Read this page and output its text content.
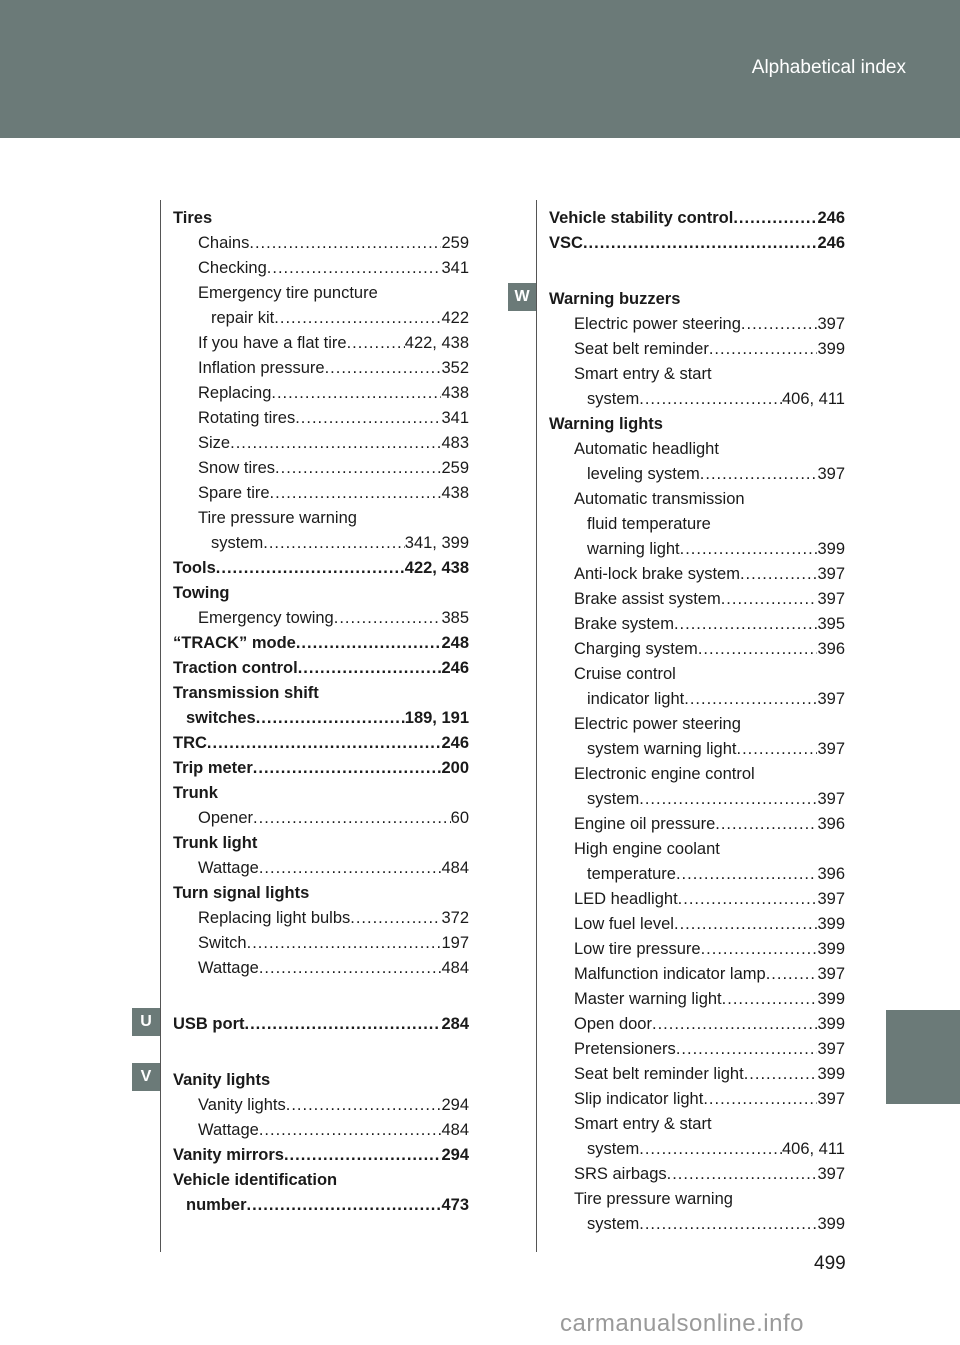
Alphabetical index
U
V
W
Tires
Chains .....	259
Checking .....	341
Emergency tire puncture
repair kit .....	422
If you have a flat tire .....	422, 438
Inflation pressure .....	352
Replacing .....	438
Rotating tires .....	341
Size .....	483
Snow tires .....	259
Spare tire .....	438
Tire pressure warning
system .....	341, 399
Tools .....	422, 438
Towing
Emergency towing .....	385
“TRACK” mode .....	248
Traction control .....	246
Transmission shift
switches .....	189, 191
TRC .....	246
Trip meter .....	200
Trunk
Opener .....	60
Trunk light
Wattage .....	484
Turn signal lights
Replacing light bulbs .....	372
Switch .....	197
Wattage .....	484
USB port .....	284
Vanity lights
Vanity lights .....	294
Wattage .....	484
Vanity mirrors .....	294
Vehicle identification
number .....	473
Vehicle stability control .....	246
VSC .....	246
Warning buzzers
Electric power steering .....	397
Seat belt reminder .....	399
Smart entry & start
system .....	406, 411
Warning lights
Automatic headlight
leveling system .....	397
Automatic transmission
fluid temperature
warning light .....	399
Anti-lock brake system .....	397
Brake assist system .....	397
Brake system .....	395
Charging system .....	396
Cruise control
indicator light .....	397
Electric power steering
system warning light .....	397
Electronic engine control
system .....	397
Engine oil pressure .....	396
High engine coolant
temperature .....	396
LED headlight .....	397
Low fuel level .....	399
Low tire pressure .....	399
Malfunction indicator lamp .....	397
Master warning light .....	399
Open door .....	399
Pretensioners .....	397
Seat belt reminder light .....	399
Slip indicator light .....	397
Smart entry & start
system .....	406, 411
SRS airbags .....	397
Tire pressure warning
system .....	399
499
carmanualsonline.info
